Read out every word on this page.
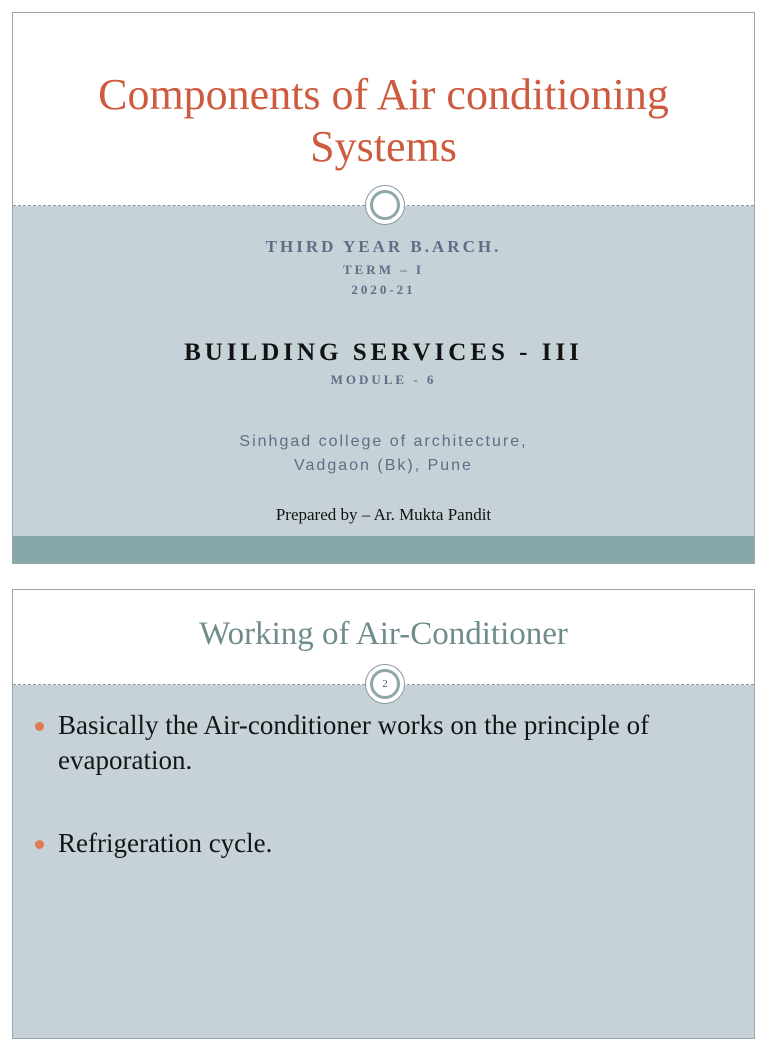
Components of Air conditioning Systems

THIRD YEAR B.ARCH.

TERM – I

2020-21

BUILDING SERVICES - III

MODULE - 6

Sinhgad college of architecture,
Vadgaon (Bk), Pune

Prepared by – Ar. Mukta Pandit

Working of Air-Conditioner
2
Basically the Air-conditioner works on the principle of evaporation.
Refrigeration cycle.
